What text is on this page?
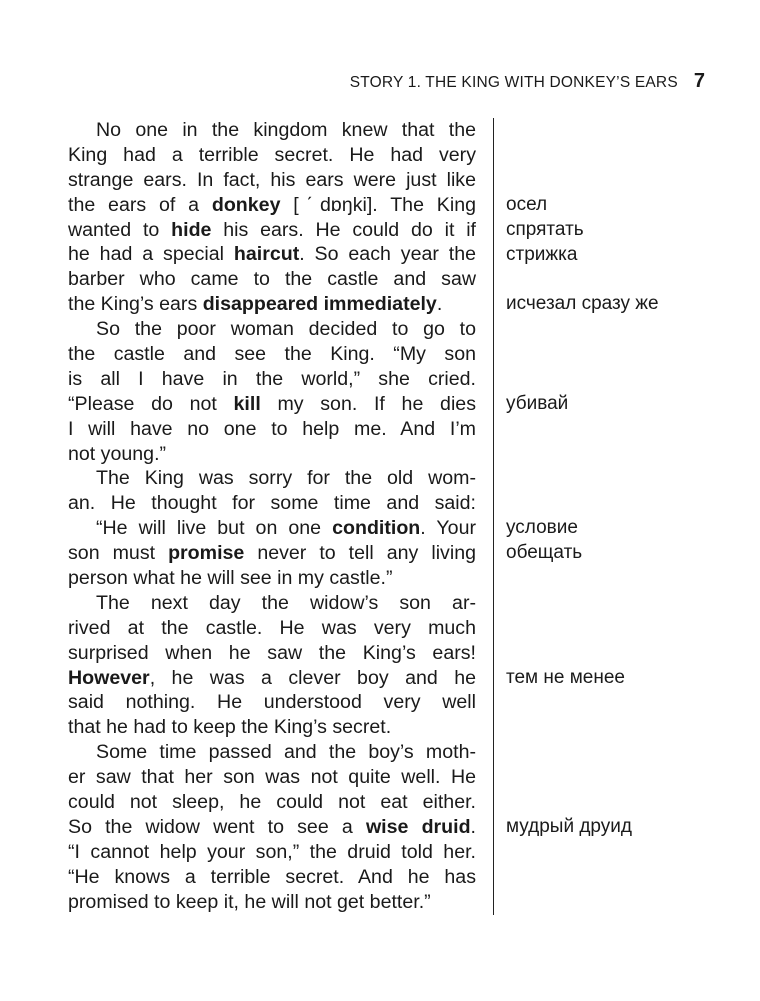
STORY 1. THE KING WITH DONKEY’S EARS 7
No one in the kingdom knew that the
King had a terrible secret. He had very
strange ears. In fact, his ears were just like
the ears of a donkey [ˊdɒŋki]. The King
wanted to hide his ears. He could do it if
he had a special haircut. So each year the
barber who came to the castle and saw
the King’s ears disappeared immediately.
So the poor woman decided to go to
the castle and see the King. “My son
is all I have in the world,” she cried.
“Please do not kill my son. If he dies
I will have no one to help me. And I’m
not young.”
The King was sorry for the old wom-
an. He thought for some time and said:
“He will live but on one condition. Your
son must promise never to tell any living
person what he will see in my castle.”
The next day the widow’s son ar-
rived at the castle. He was very much
surprised when he saw the King’s ears!
However, he was a clever boy and he
said nothing. He understood very well
that he had to keep the King’s secret.
Some time passed and the boy’s moth-
er saw that her son was not quite well. He
could not sleep, he could not eat either.
So the widow went to see a wise druid.
“I cannot help your son,” the druid told her.
“He knows a terrible secret. And he has
promised to keep it, he will not get better.”
осел
спрятать
стрижка
исчезал сразу же
убивай
условие
обещать
тем не менее
мудрый друид
